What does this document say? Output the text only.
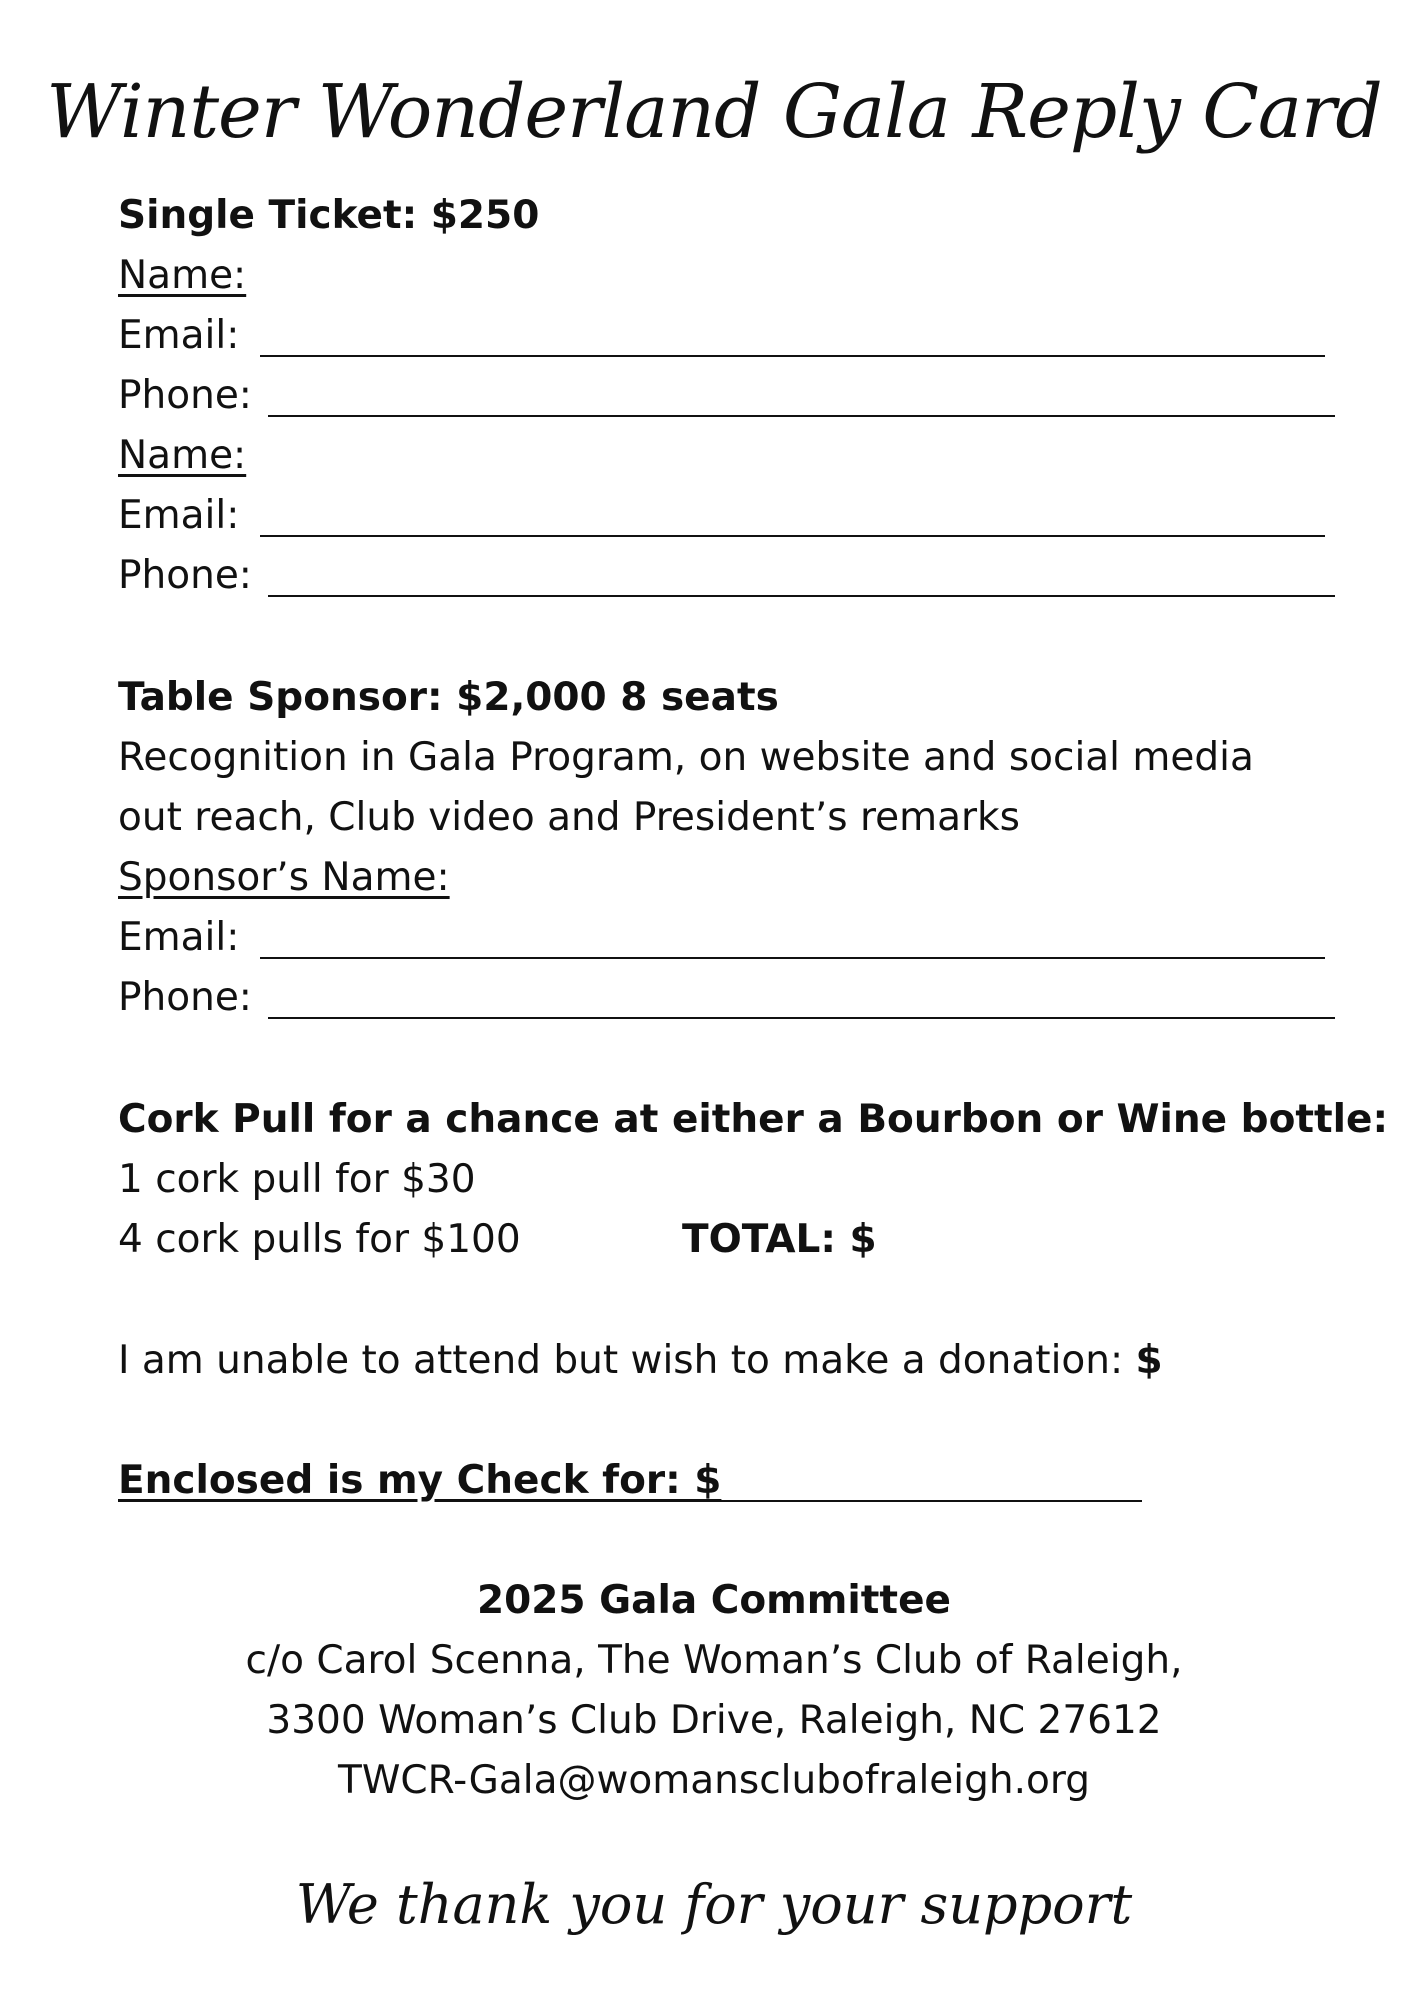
Winter Wonderland Gala Reply Card
Single Ticket: $250
Name:
Email:
Phone:
Name:
Email:
Phone:
Table Sponsor: $2,000 8 seats
Recognition in Gala Program, on website and social media
out reach, Club video and President’s remarks
Sponsor’s Name:
Email:
Phone:
Cork Pull for a chance at either a Bourbon or Wine bottle:
1 cork pull for $30
4 cork pulls for $100	TOTAL: $
I am unable to attend but wish to make a donation: $
Enclosed is my Check for: $
2025 Gala Committee
c/o Carol Scenna, The Woman’s Club of Raleigh,
3300 Woman’s Club Drive, Raleigh, NC 27612
TWCR-Gala@womansclubofraleigh.org
We thank you for your support
